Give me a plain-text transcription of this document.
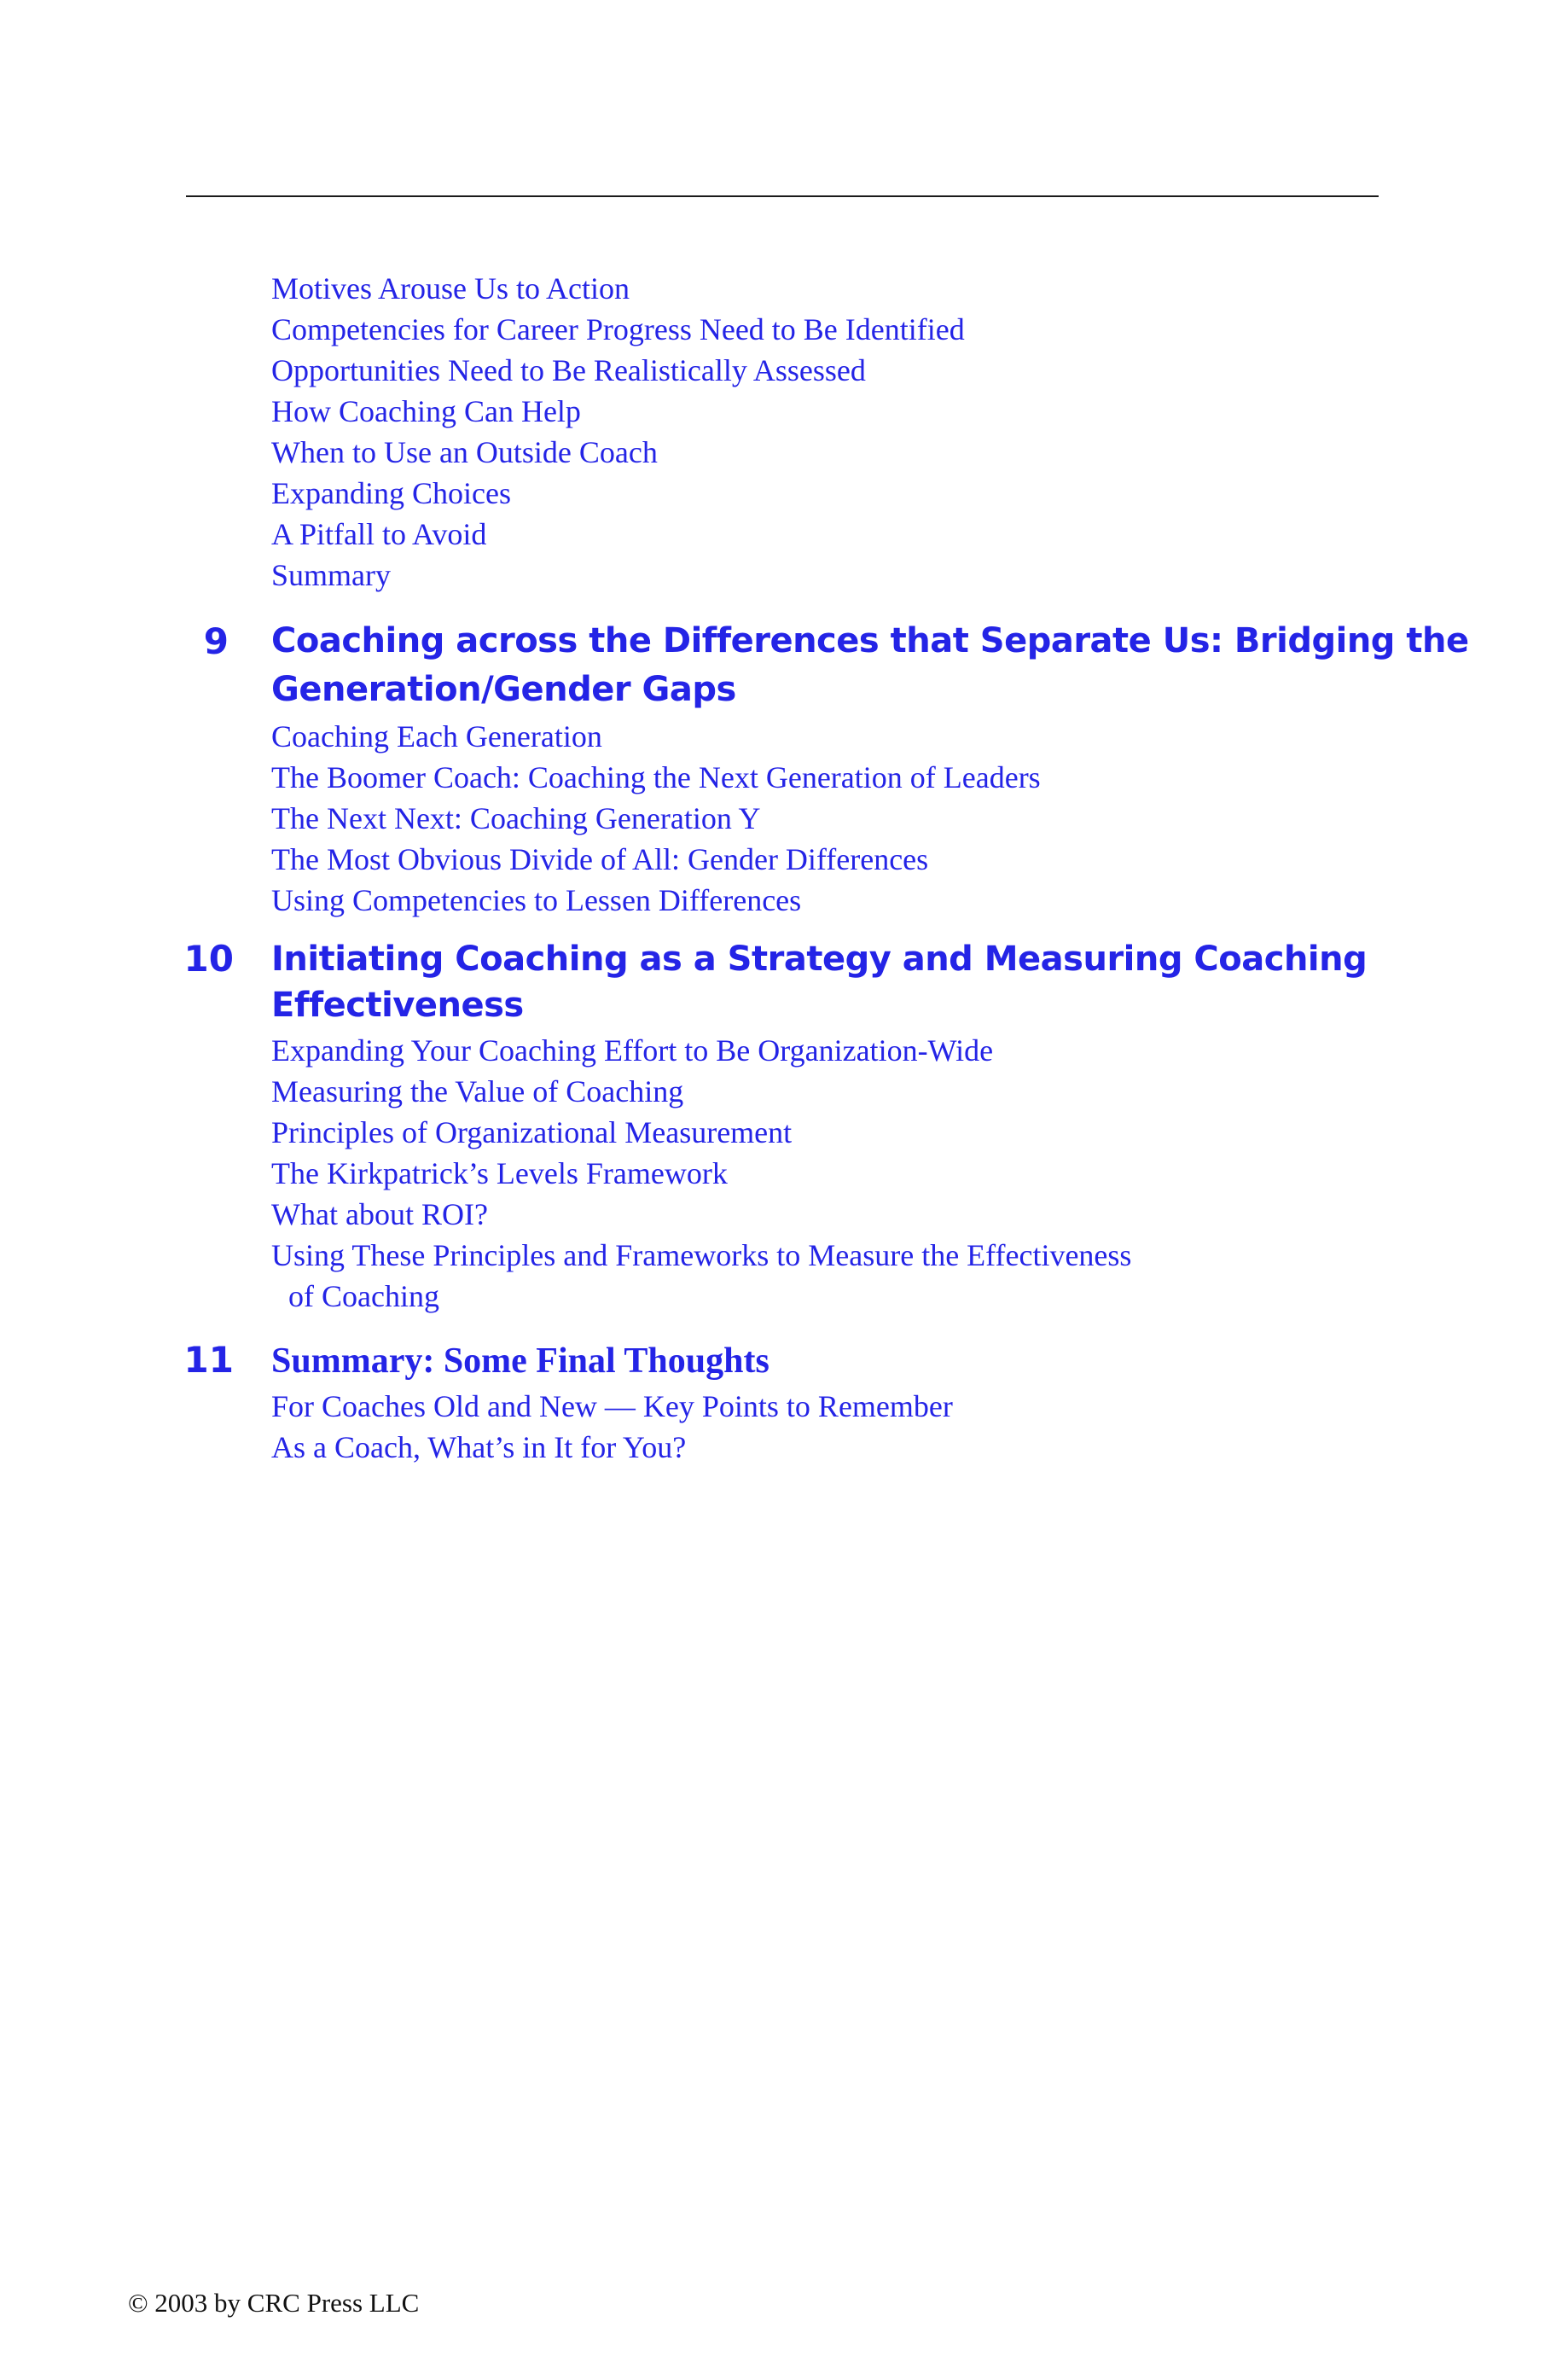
Motives Arouse Us to Action
Competencies for Career Progress Need to Be Identified
Opportunities Need to Be Realistically Assessed
How Coaching Can Help
When to Use an Outside Coach
Expanding Choices
A Pitfall to Avoid
Summary
9 Coaching across the Differences that Separate Us: Bridging the
Generation/Gender Gaps
Coaching Each Generation
The Boomer Coach: Coaching the Next Generation of Leaders
The Next Next: Coaching Generation Y
The Most Obvious Divide of All: Gender Differences
Using Competencies to Lessen Differences
10 Initiating Coaching as a Strategy and Measuring Coaching
Effectiveness
Expanding Your Coaching Effort to Be Organization-Wide
Measuring the Value of Coaching
Principles of Organizational Measurement
The Kirkpatrick’s Levels Framework
What about ROI?
Using These Principles and Frameworks to Measure the Effectiveness
of Coaching
11 Summary: Some Final Thoughts
For Coaches Old and New — Key Points to Remember
As a Coach, What’s in It for You?
© 2003 by CRC Press LLC
